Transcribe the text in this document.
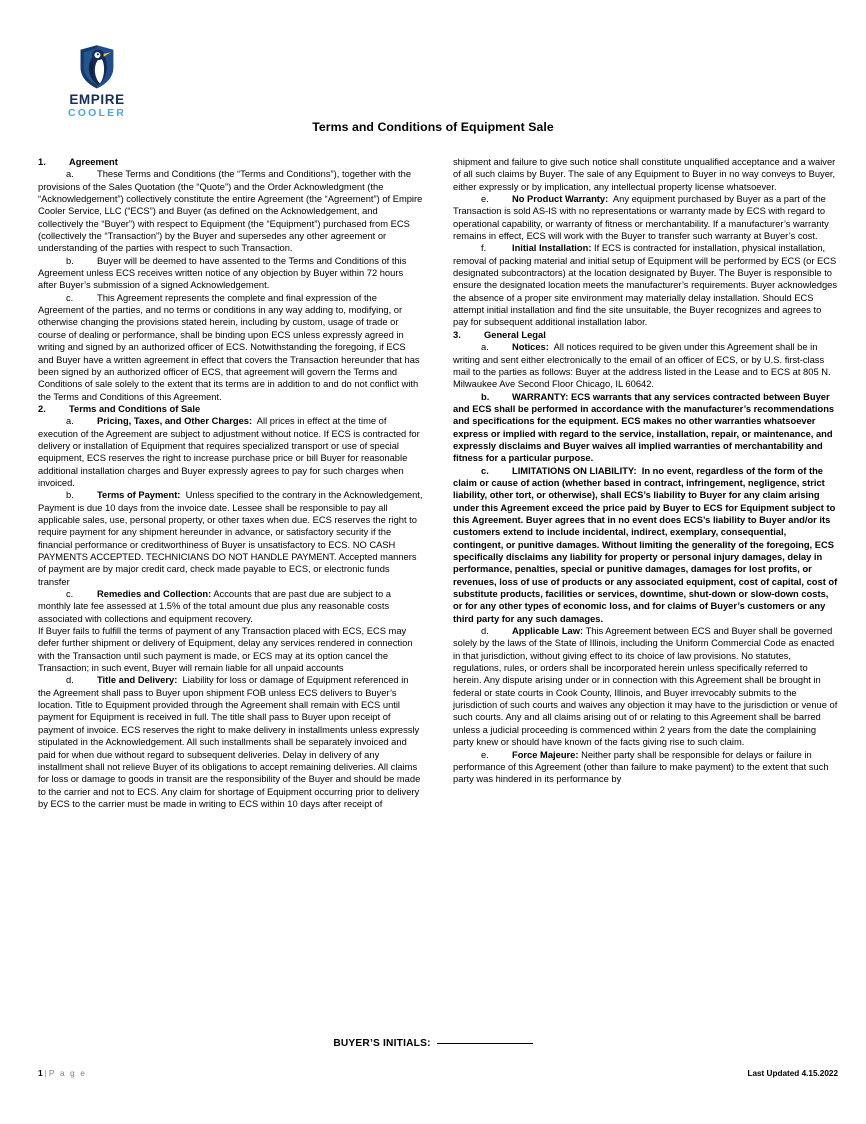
EMPIRE
COOLER
Terms and Conditions of Equipment Sale

1. Agreement

a. These Terms and Conditions (the “Terms and Conditions”), together with the provisions of the Sales Quotation (the “Quote”) and the Order Acknowledgment (the “Acknowledgement”) collectively constitute the entire Agreement (the “Agreement”) of Empire Cooler Service, LLC (“ECS”) and Buyer (as defined on the Acknowledgement, and collectively the “Buyer”) with respect to Equipment (the “Equipment”) purchased from ECS (collectively the “Transaction”) by the Buyer and supersedes any other agreement or understanding of the parties with respect to such Transaction.

b. Buyer will be deemed to have assented to the Terms and Conditions of this Agreement unless ECS receives written notice of any objection by Buyer within 72 hours after Buyer’s submission of a signed Acknowledgement.

c.	This Agreement represents the complete and final expression of the Agreement of the parties, and no terms or conditions in any way adding to, modifying, or otherwise changing the provisions stated herein, including by custom, usage of trade or course of dealing or performance, shall be binding upon ECS unless expressly agreed in writing and signed by an authorized officer of ECS. Notwithstanding the foregoing, if ECS and Buyer have a written agreement in effect that covers the Transaction hereunder that has been signed by an authorized officer of ECS, that agreement will govern the Terms and Conditions of sale solely to the extent that its terms are in addition to and do not conflict with the Terms and Conditions of this Agreement.

2. Terms and Conditions of Sale

a. Pricing, Taxes, and Other Charges: All prices in effect at the time of execution of the Agreement are subject to adjustment without notice. If ECS is contracted for delivery or installation of Equipment that requires specialized transport or use of special equipment, ECS reserves the right to increase purchase price or bill Buyer for reasonable additional installation charges and Buyer expressly agrees to pay for such charges when invoiced.

b. Terms of Payment: Unless specified to the contrary in the Acknowledgement, Payment is due 10 days from the invoice date. Lessee shall be responsible to pay all applicable sales, use, personal property, or other taxes when due. ECS reserves the right to require payment for any shipment hereunder in advance, or satisfactory security if the financial performance or creditworthiness of Buyer is unsatisfactory to ECS. NO CASH PAYMENTS ACCEPTED. TECHNICIANS DO NOT HANDLE PAYMENT. Accepted manners of payment are by major credit card, check made payable to ECS, or electronic funds transfer

c.	Remedies and Collection: Accounts that are past due are subject to a monthly late fee assessed at 1.5% of the total amount due plus any reasonable costs associated with collections and equipment recovery.

If Buyer fails to fulfill the terms of payment of any Transaction placed with ECS, ECS may defer further shipment or delivery of Equipment, delay any services rendered in connection with the Transaction until such payment is made, or ECS may at its option cancel the Transaction; in such event, Buyer will remain liable for all unpaid accounts

d. Title and Delivery: Liability for loss or damage of Equipment referenced in the Agreement shall pass to Buyer upon shipment FOB unless ECS delivers to Buyer’s location. Title to Equipment provided through the Agreement shall remain with ECS until payment for Equipment is received in full. The title shall pass to Buyer upon receipt of payment of invoice. ECS reserves the right to make delivery in installments unless expressly stipulated in the Acknowledgement. All such installments shall be separately invoiced and paid for when due without regard to subsequent deliveries. Delay in delivery of any installment shall not relieve Buyer of its obligations to accept remaining deliveries. All claims for loss or damage to goods in transit are the responsibility of the Buyer and should be made to the carrier and not to ECS. Any claim for shortage of Equipment occurring prior to delivery by ECS to the carrier must be made in writing to ECS within 10 days after receipt of

shipment and failure to give such notice shall constitute unqualified acceptance and a waiver of all such claims by Buyer. The sale of any Equipment to Buyer in no way conveys to Buyer, either expressly or by implication, any intellectual property license whatsoever.

e. No Product Warranty: Any equipment purchased by Buyer as a part of the Transaction is sold AS-IS with no representations or warranty made by ECS with regard to operational capability, or warranty of fitness or merchantability. If a manufacturer’s warranty remains in effect, ECS will work with the Buyer to transfer such warranty at Buyer’s cost.

f.	Initial Installation: If ECS is contracted for installation, physical installation, removal of packing material and initial setup of Equipment will be performed by ECS (or ECS designated subcontractors) at the location designated by Buyer. The Buyer is responsible to ensure the designated location meets the manufacturer’s requirements. Buyer acknowledges the absence of a proper site environment may materially delay installation. Should ECS attempt initial installation and find the site unsuitable, the Buyer recognizes and agrees to pay for subsequent additional installation labor.

3. General Legal

a. Notices: All notices required to be given under this Agreement shall be in writing and sent either electronically to the email of an officer of ECS, or by U.S. first-class mail to the parties as follows: Buyer at the address listed in the Lease and to ECS at 805 N. Milwaukee Ave Second Floor Chicago, IL 60642.

b. WARRANTY: ECS warrants that any services contracted between Buyer and ECS shall be performed in accordance with the manufacturer’s recommendations and specifications for the equipment. ECS makes no other warranties whatsoever express or implied with regard to the service, installation, repair, or maintenance, and expressly disclaims and Buyer waives all implied warranties of merchantability and fitness for a particular purpose.

c. LIMITATIONS ON LIABILITY: In no event, regardless of the form of the claim or cause of action (whether based in contract, infringement, negligence, strict liability, other tort, or otherwise), shall ECS’s liability to Buyer for any claim arising under this Agreement exceed the price paid by Buyer to ECS for Equipment subject to this Agreement. Buyer agrees that in no event does ECS’s liability to Buyer and/or its customers extend to include incidental, indirect, exemplary, consequential, contingent, or punitive damages. Without limiting the generality of the foregoing, ECS specifically disclaims any liability for property or personal injury damages, delay in performance, penalties, special or punitive damages, damages for lost profits, or revenues, loss of use of products or any associated equipment, cost of capital, cost of substitute products, facilities or services, downtime, shut-down or slow-down costs, or for any other types of economic loss, and for claims of Buyer’s customers or any third party for any such damages.

d. Applicable Law: This Agreement between ECS and Buyer shall be governed solely by the laws of the State of Illinois, including the Uniform Commercial Code as enacted in that jurisdiction, without giving effect to its choice of law provisions. No statutes, regulations, rules, or orders shall be incorporated herein unless specifically referred to herein. Any dispute arising under or in connection with this Agreement shall be brought in federal or state courts in Cook County, Illinois, and Buyer irrevocably submits to the jurisdiction of such courts and waives any objection it may have to the jurisdiction or venue of such courts. Any and all claims arising out of or relating to this Agreement shall be barred unless a judicial proceeding is commenced within 2 years from the date the complaining party knew or should have known of the facts giving rise to such claim.

e. Force Majeure: Neither party shall be responsible for delays or failure in performance of this Agreement (other than failure to make payment) to the extent that such party was hindered in its performance by

BUYER’S INITIALS:
1 | P a g e	Last Updated 4.15.2022
